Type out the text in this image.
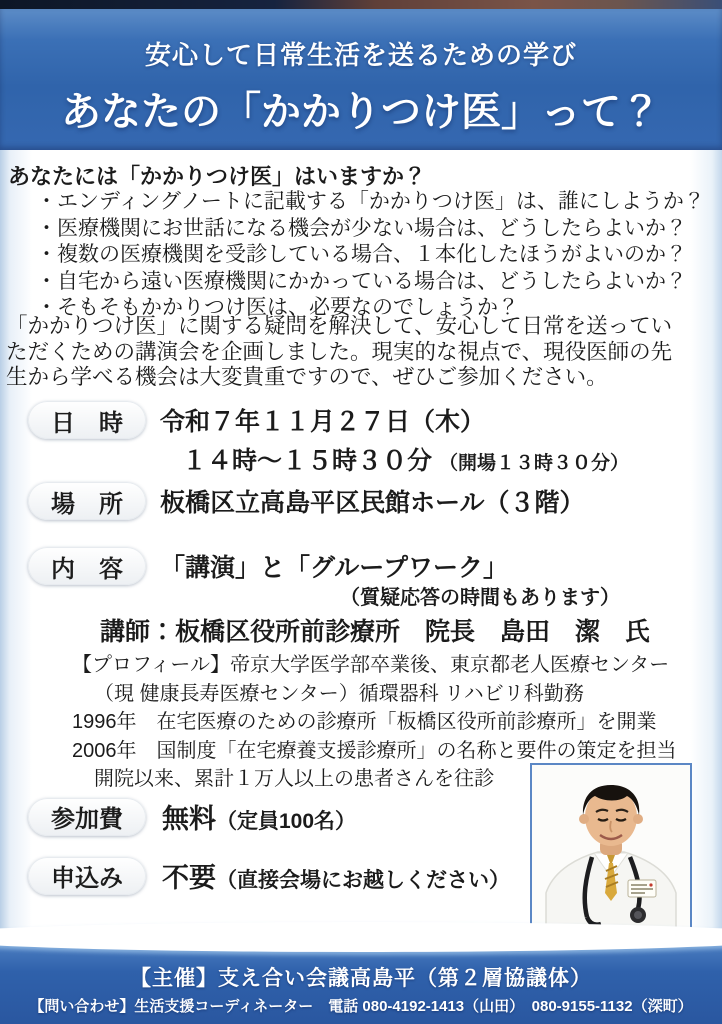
安心して日常生活を送るための学び
あなたの「かかりつけ医」って？
あなたには「かかりつけ医」はいますか？
・エンディングノートに記載する「かかりつけ医」は、誰にしようか？
・医療機関にお世話になる機会が少ない場合は、どうしたらよいか？
・複数の医療機関を受診している場合、１本化したほうがよいのか？
・自宅から遠い医療機関にかかっている場合は、どうしたらよいか？
・そもそもかかりつけ医は、必要なのでしょうか？
「かかりつけ医」に関する疑問を解決して、安心して日常を送ってい
ただくための講演会を企画しました。現実的な視点で、現役医師の先
生から学べる機会は大変貴重ですので、ぜひご参加ください。
日　時	令和７年１１月２７日（木）
１４時～１５時３０分 （開場１３時３０分）
場　所	板橋区立高島平区民館ホール（３階）
内　容	「講演」と「グループワーク」
（質疑応答の時間もあります）
講師：板橋区役所前診療所　院長　島田　潔　氏
【プロフィール】帝京大学医学部卒業後、東京都老人医療センター
（現 健康長寿医療センター）循環器科 リハビリ科勤務
1996年　在宅医療のための診療所「板橋区役所前診療所」を開業
2006年　国制度「在宅療養支援診療所」の名称と要件の策定を担当
開院以来、累計１万人以上の患者さんを往診
参加費	無料（定員100名）
申込み	不要（直接会場にお越しください）
【主催】支え合い会議高島平（第２層協議体）
【問い合わせ】生活支援コーディネーター　電話 080-4192-1413（山田）　080-9155-1132（深町）
